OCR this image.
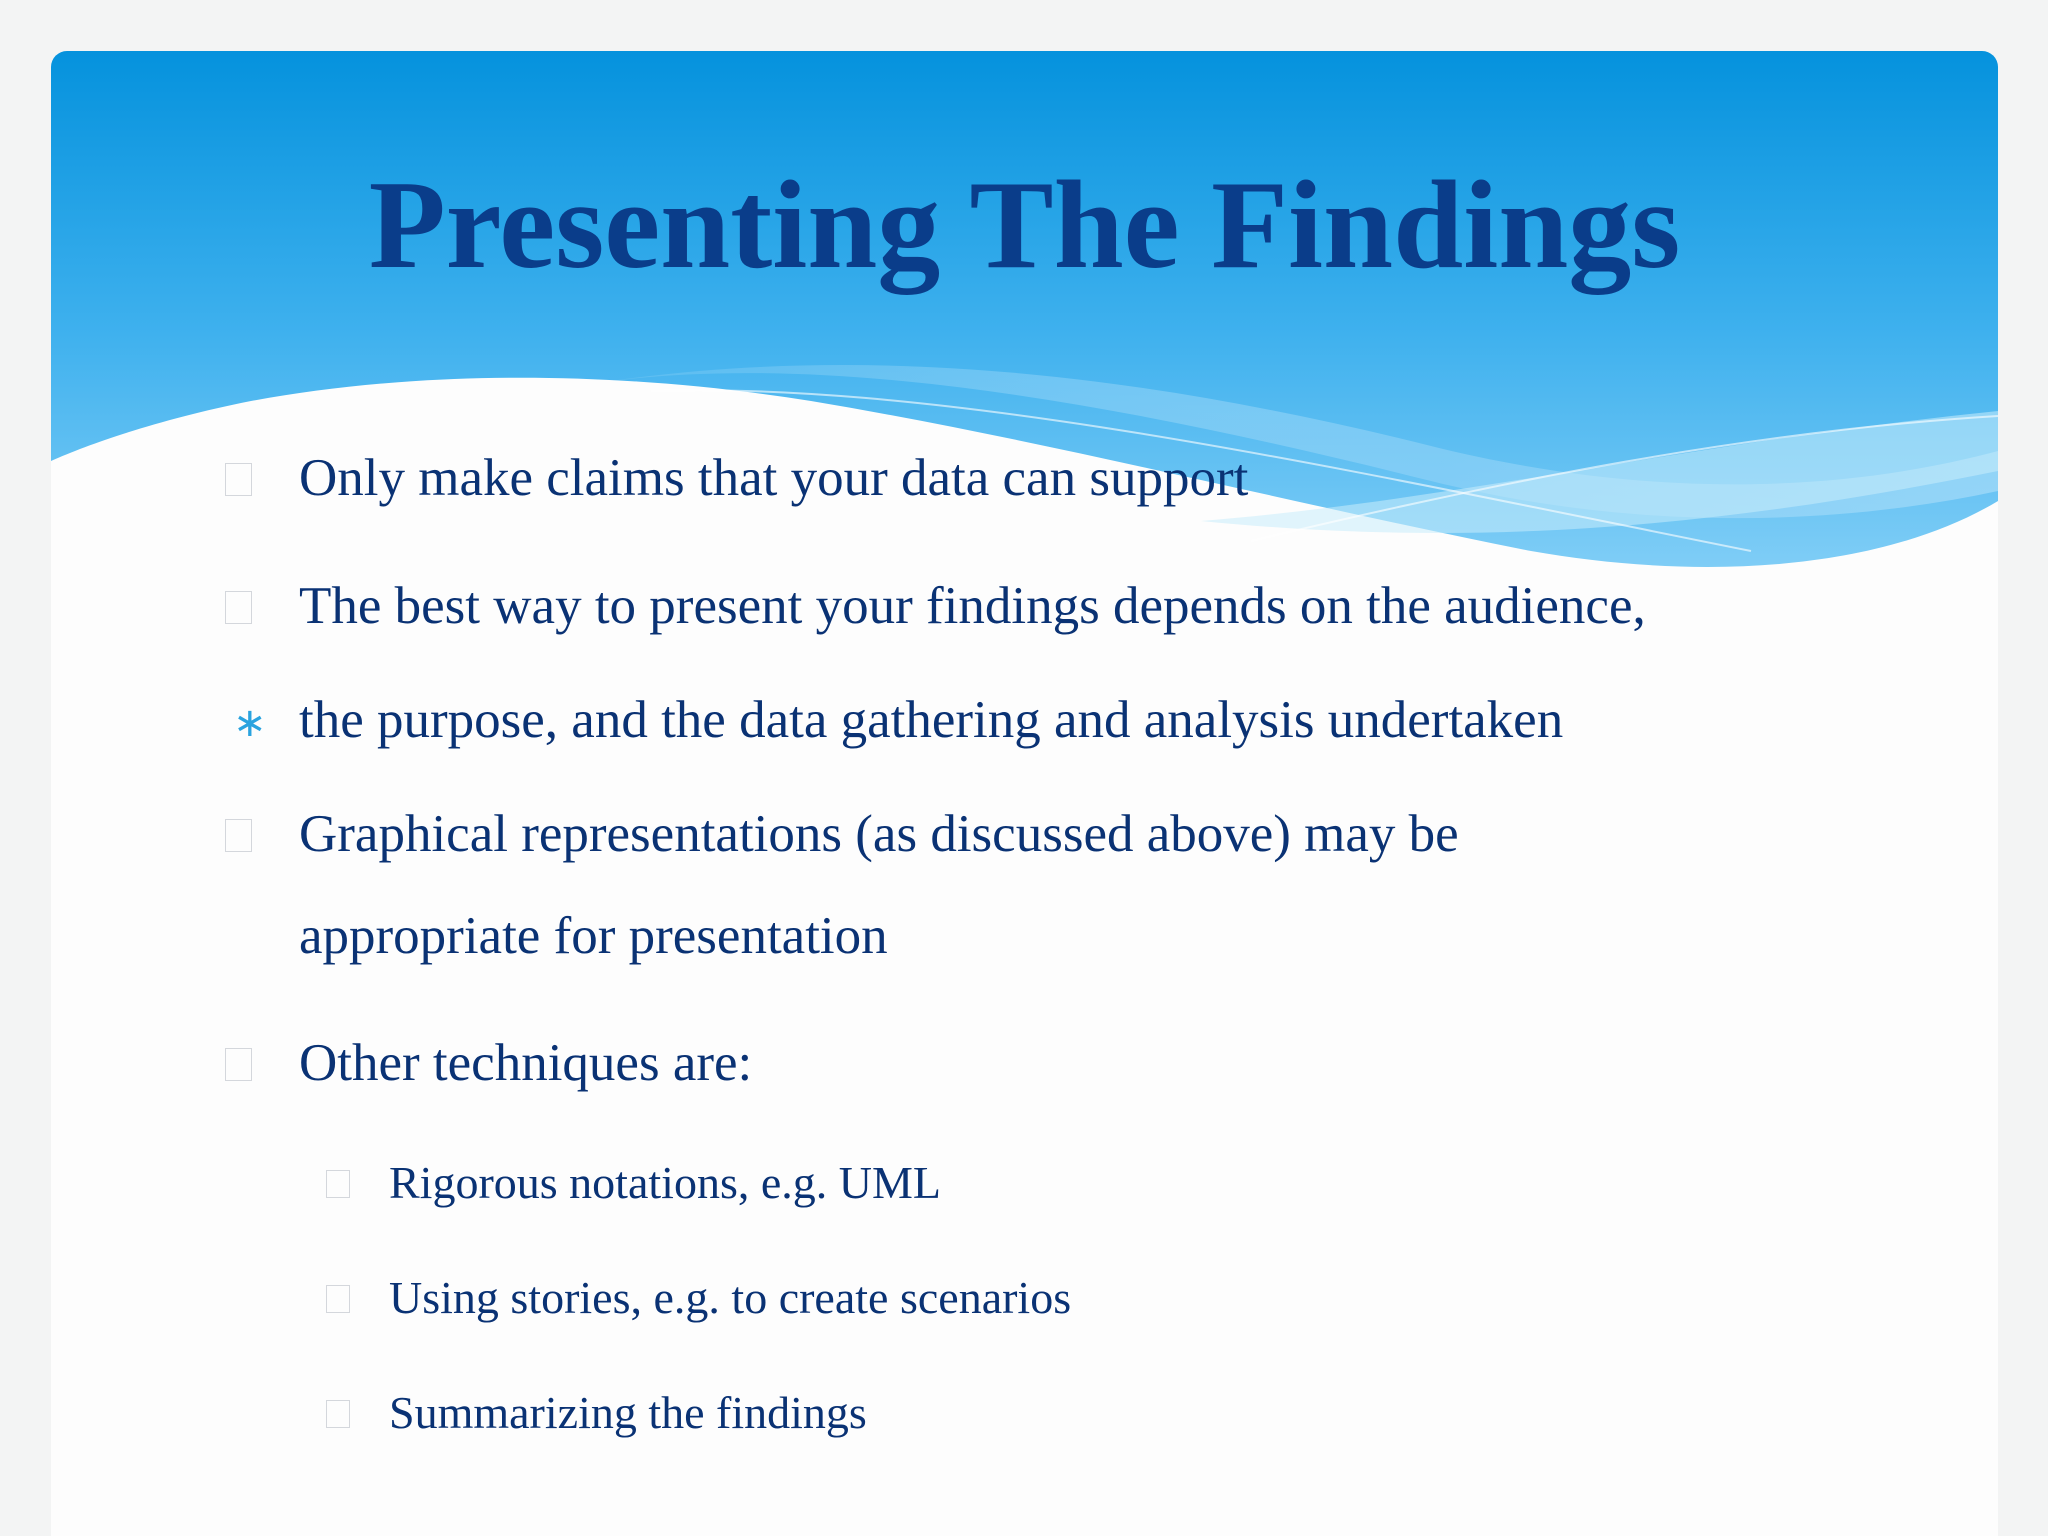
Presenting The Findings
Only make claims that your data can support
The best way to present your findings depends on the audience,
∗ the purpose, and the data gathering and analysis undertaken
Graphical representations (as discussed above) may be
appropriate for presentation
Other techniques are:
Rigorous notations, e.g. UML
Using stories, e.g. to create scenarios
Summarizing the findings
